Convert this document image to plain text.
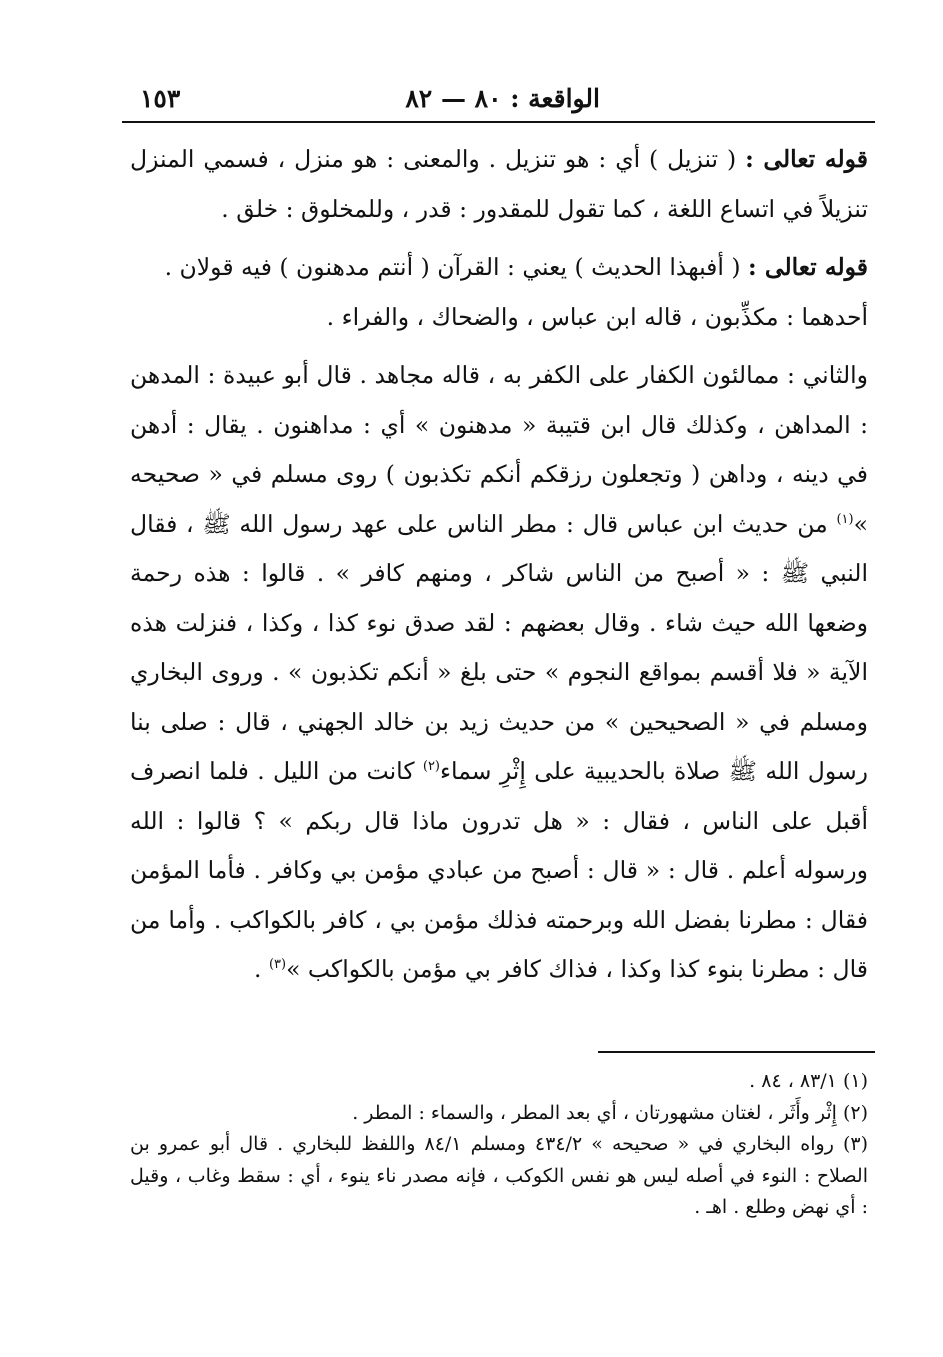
الواقعة : ٨٠ — ٨٢
١٥٣

قوله تعالى : ( تنزيل ) أي : هو تنزيل . والمعنى : هو منزل ، فسمي المنزل تنزيلاً في اتساع اللغة ، كما تقول للمقدور : قدر ، وللمخلوق : خلق .

قوله تعالى : ( أفبهذا الحديث ) يعني : القرآن ( أنتم مدهنون ) فيه قولان .

أحدهما : مكذِّبون ، قاله ابن عباس ، والضحاك ، والفراء .

والثاني : ممالئون الكفار على الكفر به ، قاله مجاهد . قال أبو عبيدة : المدهن : المداهن ، وكذلك قال ابن قتيبة « مدهنون » أي : مداهنون . يقال : أدهن في دينه ، وداهن ( وتجعلون رزقكم أنكم تكذبون ) روى مسلم في « صحيحه »$^{(١)}$ من حديث ابن عباس قال : مطر الناس على عهد رسول الله ﷺ ، فقال النبي ﷺ : « أصبح من الناس شاكر ، ومنهم كافر » . قالوا : هذه رحمة وضعها الله حيث شاء . وقال بعضهم : لقد صدق نوء كذا ، وكذا ، فنزلت هذه الآية « فلا أقسم بمواقع النجوم » حتى بلغ « أنكم تكذبون » . وروى البخاري ومسلم في « الصحيحين » من حديث زيد بن خالد الجهني ، قال : صلى بنا رسول الله ﷺ صلاة بالحديبية على إِثْرِ سماء$^{(٢)}$ كانت من الليل . فلما انصرف أقبل على الناس ، فقال : « هل تدرون ماذا قال ربكم » ؟ قالوا : الله ورسوله أعلم . قال : « قال : أصبح من عبادي مؤمن بي وكافر . فأما المؤمن فقال : مطرنا بفضل الله وبرحمته فذلك مؤمن بي ، كافر بالكواكب . وأما من قال : مطرنا بنوء كذا وكذا ، فذاك كافر بي مؤمن بالكواكب »$^{(٣)}$ .

(١) ٨٣/١ ، ٨٤ .

(٢) إِثْر وأَثَر ، لغتان مشهورتان ، أي بعد المطر ، والسماء : المطر .

(٣) رواه البخاري في « صحيحه » ٤٣٤/٢ ومسلم ٨٤/١ واللفظ للبخاري . قال أبو عمرو بن الصلاح : النوء في أصله ليس هو نفس الكوكب ، فإنه مصدر ناء ينوء ، أي : سقط وغاب ، وقيل : أي نهض وطلع . اهـ .
